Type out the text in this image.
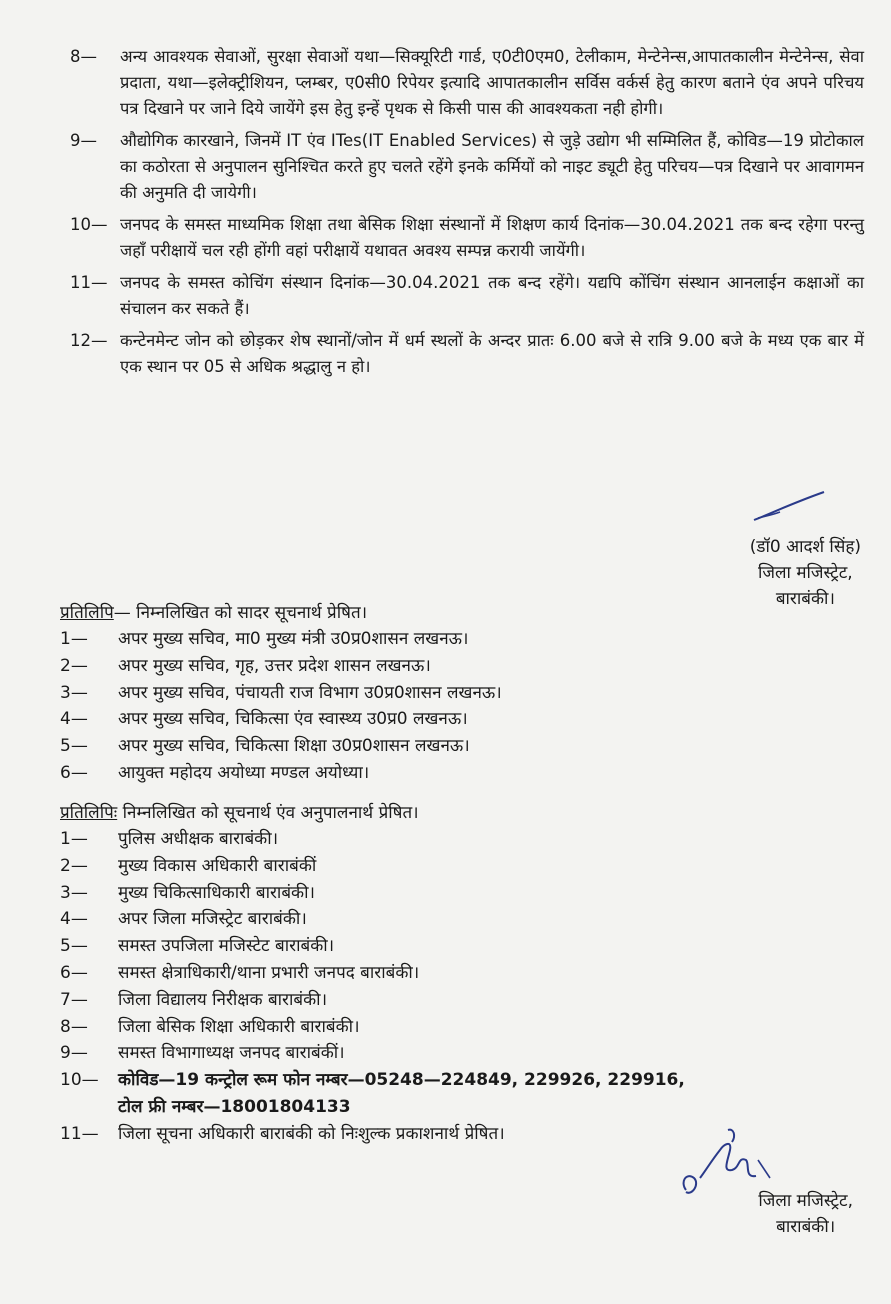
8—	अन्य आवश्यक सेवाओं, सुरक्षा सेवाओं यथा—सिक्यूरिटी गार्ड, ए0टी0एम0, टेलीकाम, मेन्टेनेन्स,आपातकालीन मेन्टेनेन्स, सेवा प्रदाता, यथा—इलेक्ट्रीशियन, प्लम्बर, ए0सी0 रिपेयर इत्यादि आपातकालीन सर्विस वर्कर्स हेतु कारण बताने एंव अपने परिचय पत्र दिखाने पर जाने दिये जायेंगे इस हेतु इन्हें पृथक से किसी पास की आवश्यकता नही होगी।
9—	औद्योगिक कारखाने, जिनमें IT एंव ITes(IT Enabled Services) से जुड़े उद्योग भी सम्मिलित हैं, कोविड—19 प्रोटोकाल का कठोरता से अनुपालन सुनिश्चित करते हुए चलते रहेंगे इनके कर्मियों को नाइट ड्यूटी हेतु परिचय—पत्र दिखाने पर आवागमन की अनुमति दी जायेगी।
10— जनपद के समस्त माध्यमिक शिक्षा तथा बेसिक शिक्षा संस्थानों में शिक्षण कार्य दिनांक—30.04.2021 तक बन्द रहेगा परन्तु जहाँ परीक्षायें चल रही होंगी वहां परीक्षायें यथावत अवश्य सम्पन्न करायी जायेंगी।
11— जनपद के समस्त कोचिंग संस्थान दिनांक—30.04.2021 तक बन्द रहेंगे। यद्यपि कोंचिंग संस्थान आनलाईन कक्षाओं का संचालन कर सकते हैं।
12— कन्टेनमेन्ट जोन को छोड़कर शेष स्थानों/जोन में धर्म स्थलों के अन्दर प्रातः 6.00 बजे से रात्रि 9.00 बजे के मध्य एक बार में एक स्थान पर 05 से अधिक श्रद्धालु न हो।
(डॉ0 आदर्श सिंह)
जिला मजिस्ट्रेट,
बाराबंकी।
प्रतिलिपि— निम्नलिखित को सादर सूचनार्थ प्रेषित।
1—	अपर मुख्य सचिव, मा0 मुख्य मंत्री उ0प्र0शासन लखनऊ।
2—	अपर मुख्य सचिव, गृह, उत्तर प्रदेश शासन लखनऊ।
3—	अपर मुख्य सचिव, पंचायती राज विभाग उ0प्र0शासन लखनऊ।
4—	अपर मुख्य सचिव, चिकित्सा एंव स्वास्थ्य उ0प्र0 लखनऊ।
5—	अपर मुख्य सचिव, चिकित्सा शिक्षा उ0प्र0शासन लखनऊ।
6—	आयुक्त महोदय अयोध्या मण्डल अयोध्या।
प्रतिलिपिः निम्नलिखित को सूचनार्थ एंव अनुपालनार्थ प्रेषित।
1—	पुलिस अधीक्षक बाराबंकी।
2—	मुख्य विकास अधिकारी बाराबंकीं
3—	मुख्य चिकित्साधिकारी बाराबंकी।
4—	अपर जिला मजिस्ट्रेट बाराबंकी।
5—	समस्त उपजिला मजिस्टेट बाराबंकी।
6—	समस्त क्षेत्राधिकारी/थाना प्रभारी जनपद बाराबंकी।
7—	जिला विद्यालय निरीक्षक बाराबंकी।
8—	जिला बेसिक शिक्षा अधिकारी बाराबंकी।
9—	समस्त विभागाध्यक्ष जनपद बाराबंकीं।
10—	कोविड—19 कन्ट्रोल रूम फोन नम्बर—05248—224849, 229926, 229916,
टोल फ्री नम्बर—18001804133
11—	जिला सूचना अधिकारी बाराबंकी को निःशुल्क प्रकाशनार्थ प्रेषित।
जिला मजिस्ट्रेट,
बाराबंकी।
